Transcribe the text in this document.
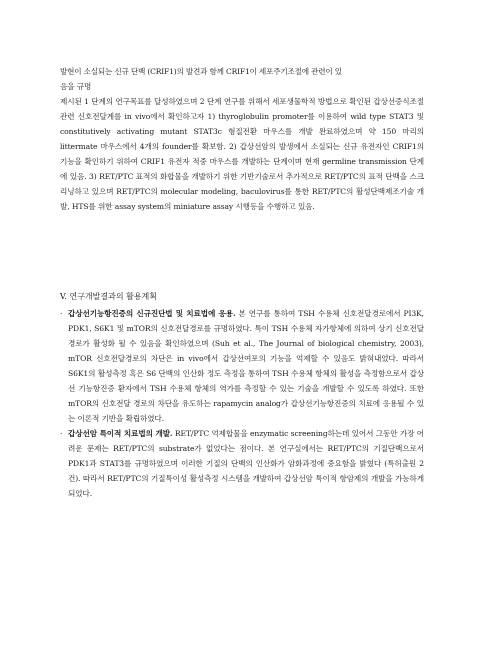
발현이 소실되는 신규 단백 (CRIF1)의 발견과 함께 CRIF1이 세포주기조절에 관련이 있

음을 규명

제시된 1 단계의 연구목표를 달성하였으며 2 단계 연구를 위해서 세포생물학적 방법으로 확인된 갑상선증식조절 관련 신호전달계를 in vivo에서 확인하고자 1) thyroglobulin promoter를 이용하여 wild type STAT3 및 constitutively activating mutant STAT3c 형질전환 마우스를 개발 완료하였으며 약 150 마리의 littermate 마우스에서 4개의 founder를 확보함. 2) 갑상선암의 발생에서 소실되는 신규 유전자인 CRIF1의 기능을 확인하기 위하여 CRIF1 유전자 적중 마우스를 개발하는 단계이며 현재 germline transmission 단계에 있음. 3) RET/PTC 표적의 화합물을 개발하기 위한 기반기술로서 추가적으로 RET/PTC의 표적 단백을 스크리닝하고 있으며 RET/PTC의 molecular modeling, baculovirus를 통한 RET/PTC의 활성단백제조기술 개발, HTS를 위한 assay system의 miniature assay 시행등을 수행하고 있음.

V. 연구개발결과의 활용계획
· 갑상선기능항진증의 신규진단법 및 치료법에 응용. 본 연구를 통하여 TSH 수용체 신호전달경로에서 PI3K, PDK1, S6K1 및 mTOR의 신호전달경로를 규명하였다. 특이 TSH 수용체 자가항체에 의하여 상기 신호전달경로가 활성화 될 수 있음을 확인하였으며 (Suh et al., The Journal of biological chemistry, 2003), mTOR 신호전달경로의 차단은 in vivo에서 갑상선여포의 기능을 억제할 수 있음도 밝혀내었다. 따라서 S6K1의 활성측정 혹은 S6 단백의 인산화 정도 측정을 통하여 TSH 수용체 항체의 활성을 측정함으로서 갑상선 기능항진증 환자에서 TSH 수용체 항체의 역가를 측정할 수 있는 기술을 개발할 수 있도록 하였다. 또한 mTOR의 신호전달 경로의 차단을 유도하는 rapamycin analog가 갑상선기능항진증의 치료에 응용될 수 있는 이론적 기반을 확립하였다.
· 갑상선암 특이적 치료법의 개발. RET/PTC 억제합물을 enzymatic screening하는데 있어서 그동안 가장 어려운 문제는 RET/PTC의 substrate가 없었다는 점이다. 본 연구실에서는 RET/PTC의 기질단백으로서 PDK1과 STAT3를 규명하였으며 이러한 기질의 단백의 인산화가 암화과정에 중요함을 밝혔다 (특허출원 2건). 따라서 RET/PTC의 기질특이성 활성측정 시스템을 개발하여 갑상선암 특이적 항암제의 개발을 가능하게 되었다.
